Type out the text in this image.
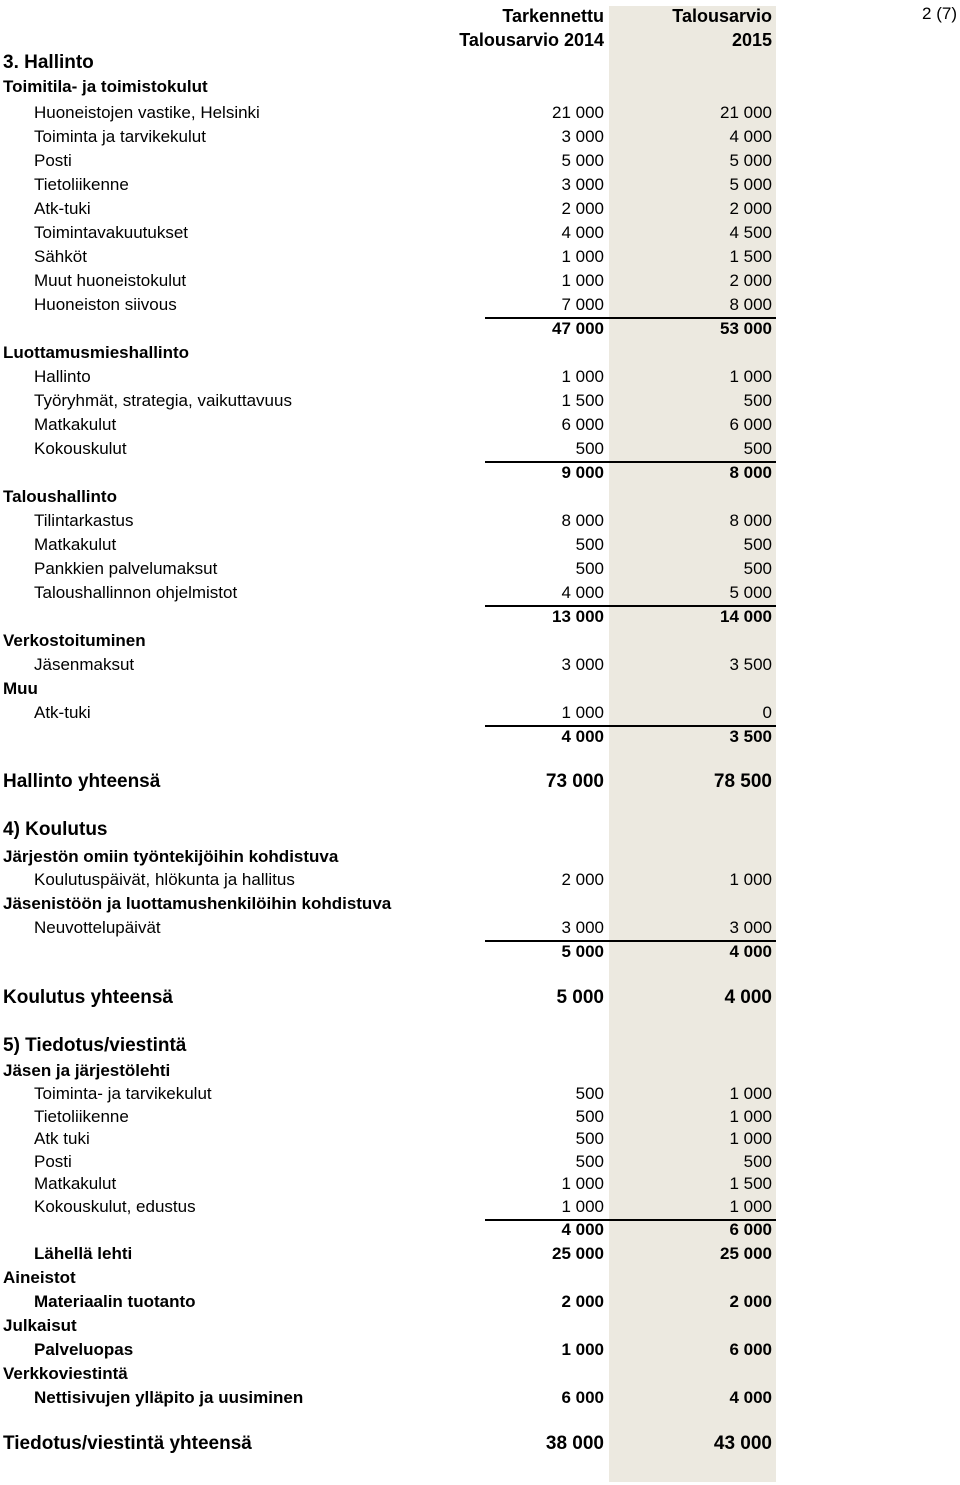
2 (7)
Tarkennettu
Talousarvio 2014
Talousarvio
2015
3. Hallinto
Toimitila- ja toimistokulut
Huoneistojen vastike, Helsinki	21 000	21 000
Toiminta ja tarvikekulut	3 000	4 000
Posti	5 000	5 000
Tietoliikenne	3 000	5 000
Atk-tuki	2 000	2 000
Toimintavakuutukset	4 000	4 500
Sähköt	1 000	1 500
Muut huoneistokulut	1 000	2 000
Huoneiston siivous	7 000	8 000
47 000	53 000
Luottamusmieshallinto
Hallinto	1 000	1 000
Työryhmät, strategia, vaikuttavuus	1 500	500
Matkakulut	6 000	6 000
Kokouskulut	500	500
9 000	8 000
Taloushallinto
Tilintarkastus	8 000	8 000
Matkakulut	500	500
Pankkien palvelumaksut	500	500
Taloushallinnon ohjelmistot	4 000	5 000
13 000	14 000
Verkostoituminen
Jäsenmaksut	3 000	3 500
Muu
Atk-tuki	1 000	0
4 000	3 500
Hallinto yhteensä	73 000	78 500
4) Koulutus
Järjestön omiin työntekijöihin kohdistuva
Koulutuspäivät, hlökunta ja hallitus	2 000	1 000
Jäsenistöön ja luottamushenkilöihin kohdistuva
Neuvottelupäivät	3 000	3 000
5 000	4 000
Koulutus yhteensä	5 000	4 000
5) Tiedotus/viestintä
Jäsen ja järjestölehti
Toiminta- ja tarvikekulut	500	1 000
Tietoliikenne	500	1 000
Atk tuki	500	1 000
Posti	500	500
Matkakulut	1 000	1 500
Kokouskulut, edustus	1 000	1 000
4 000	6 000
Lähellä lehti	25 000	25 000
Aineistot
Materiaalin tuotanto	2 000	2 000
Julkaisut
Palveluopas	1 000	6 000
Verkkoviestintä
Nettisivujen ylläpito ja uusiminen	6 000	4 000
Tiedotus/viestintä yhteensä	38 000	43 000
